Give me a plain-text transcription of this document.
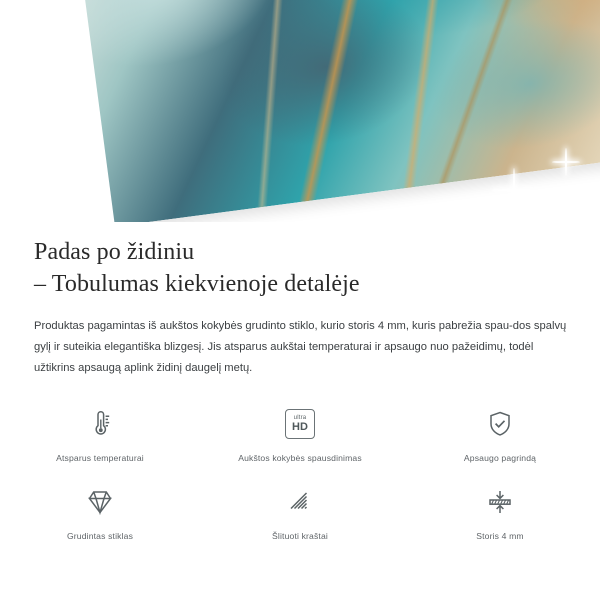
Padas po židiniu
– Tobulumas kiekvienoje detalėje

Produktas pagamintas iš aukštos kokybės grudinto stiklo, kurio storis 4 mm, kuris pabrežia spau-dos spalvų gylį ir suteikia elegantiška blizgesį. Jis atsparus aukštai temperaturai ir apsaugo nuo pažeidimų, todėl užtikrins apsaugą aplink židinį daugelį metų.

Atsparus temperaturai
ultra
HD
Aukštos kokybės spausdinimas	Apsaugo pagrindą
Grudintas stiklas	Šlituoti kraštai	Storis 4 mm
